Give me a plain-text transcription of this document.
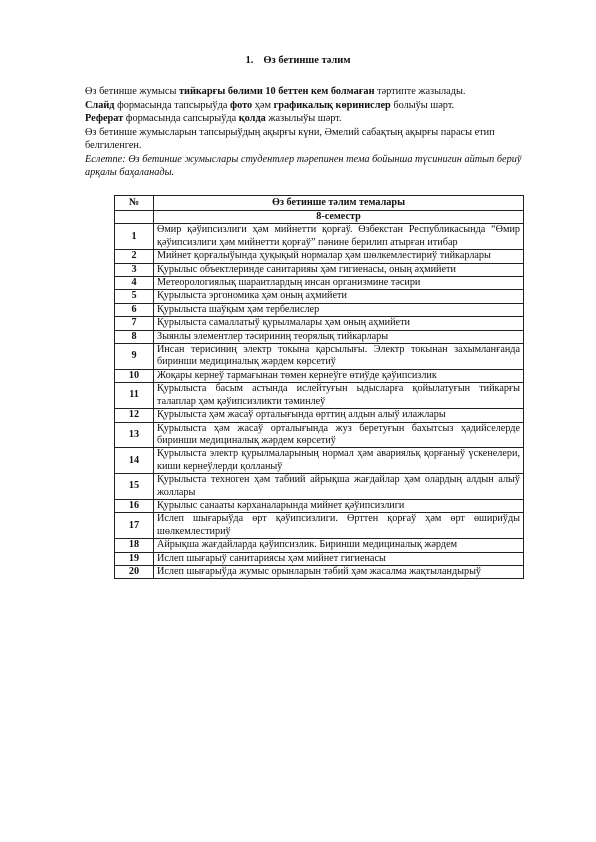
1. Өз бетинше тәлим

Өз бетинше жумысы тийкарғы бөлими 10 беттен кем болмаған тәртипте жазылады.

Слайд формасында тапсырыўда фото ҳәм графикалық көринислер болыўы шәрт.

Реферат формасында сапсырыўда қолда жазылыўы шәрт.

Өз бетинше жумысларын тапсырыўдың ақырғы күни, Әмелий сабақтың ақырғы парасы етип белгиленген.

Еслетпе: Өз бетинше жумыслары студентлер тәрепинен тема бойынша түсинигин айтып бериў арқалы баҳаланады.

№	Өз бетинше тәлим темалары
	8-семестр
1	Өмир қәўипсизлиги ҳәм мийнетти қорғаў. Өзбекстан Республикасында “Өмир қәўипсизлиги ҳәм мийнетти қорғаў” пәнине берилип атырған итибар
2	Мийнет қорғалыўында ҳуқықый нормалар ҳәм шөлкемлестириў тийкарлары
3	Қурылыс объектлеринде санитарияы ҳәм гигиенасы, оның әҳмийети
4	Метеорологиялық шараитлардың инсан организмине тәсири
5	Қурылыста эргономика ҳәм оның аҳмийети
6	Қурылыста шаўқым ҳәм тербелислер
7	Қурылыста самаллатыў қурылмалары ҳәм оның аҳмийети
8	Зыянлы элементлер тәсириниң теорялық тийкарлары
9	Инсан терисиниң электр токына қарсылығы. Электр токынан захымланғанда биринши медициналық жәрдем көрсетиў
10	Жоқары кернеў тармағынан төмен кернеўге өтиўде қәўипсизлик
11	Қурылыста басым астында ислейтуғын ыдысларға қойылатуғын тийкарғы талаплар ҳәм қәўипсизликти тәминлеў
12	Қурылыста ҳәм жасаў орталығында өрттиң алдын алыў илажлары
13	Қурылыста ҳәм жасаў орталығында жуз беретуғын бахытсыз ҳәдийселерде биринши медициналық жәрдем көрсетиў
14	Қурылыста электр қурылмаларының нормал ҳәм аварияльқ қорғаныў үскенелери, киши кернеўлерди қолланыў
15	Қурылыста техноген ҳәм табиий айрықша жағдайлар ҳәм олардың алдын алыў жоллары
16	Қурылыс санааты кәрханаларында мийнет қәўипсизлиги
17	Ислеп шығарыўда өрт қәўипсизлиги. Өрттен қорғаў ҳәм өрт өшириўды шөлкемлестириў
18	Айрықша жағдайларда қәўипсизлик. Биринши медициналық жәрдем
19	Ислеп шығарыў санитариясы ҳәм мийнет гигиенасы
20	Ислеп шығарыўда жумыс орынларын тәбий ҳәм жасалма жақтыландырыў
